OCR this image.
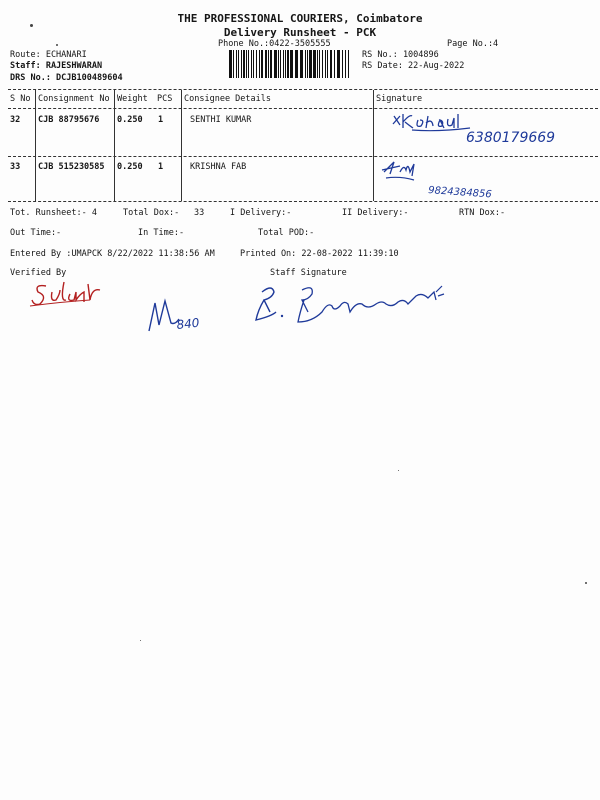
THE PROFESSIONAL COURIERS, Coimbatore
Delivery Runsheet - PCK
Phone No.:0422-3505555	Page No.:4
Route: ECHANARI
Staff: RAJESHWARAN
DRS No.: DCJB100489604
RS No.: 1004896
RS Date: 22-Aug-2022
S No Consignment No Weight PCS Consignee Details	Signature
32 CJB 88795676 0.250 1	SENTHI KUMAR
33 CJB 515230585 0.250 1	KRISHNA FAB
6380179669
9824384856
Tot. Runsheet:- 4	Total Dox:- 33	I Delivery:-	II Delivery:-	RTN Dox:-
Out Time:-	In Time:-	Total POD:-
Entered By :UMAPCK 8/22/2022 11:38:56 AM	Printed On: 22-08-2022 11:39:10
Verified By	Staff Signature
840
